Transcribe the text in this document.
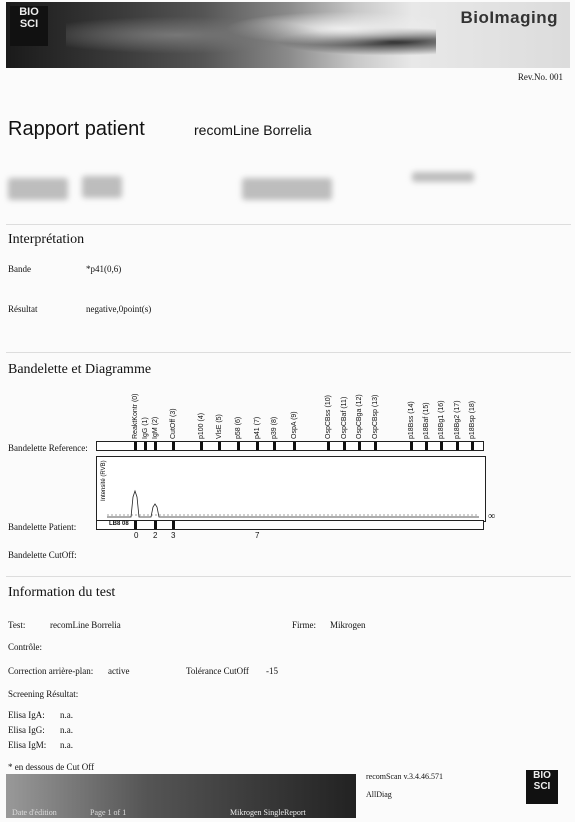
BIO
SCI	BioImaging
Rev.No. 001
Rapport patient	recomLine Borrelia
Interprétation
Bande	*p41(0,6)
Résultat	negative,0point(s)
Bandelette et Diagramme
ReaktKontr (0) IgG (1) IgM (2) CutOff (3)	p100 (4) VlsE (5) p58 (6) p41 (7) p39 (8) OspA (9)	OspCBss (10) OspCBaf (11) OspCBga (12) OspCBsp (13)	p18Bss (14) p18Baf (15) p18Bg1 (16) p18Bg2 (17) p18Bsp (18)
Bandelette Reference:
Intensité (RVB)
∞
Bandelette Patient:	LB8 08
0 2 3	7
Bandelette CutOff:
Information du test
Test:	recomLine Borrelia	Firme: Mikrogen
Contrôle:
Correction arrière-plan: active	Tolérance CutOff -15
Screening Résultat:
Elisa IgA: n.a.
Elisa IgG: n.a.
Elisa IgM: n.a.
* en dessous de Cut Off
Date d'édition	Page 1 of 1	Mikrogen SingleReport
recomScan v.3.4.46.571
AllDiag
BIO
SCI
